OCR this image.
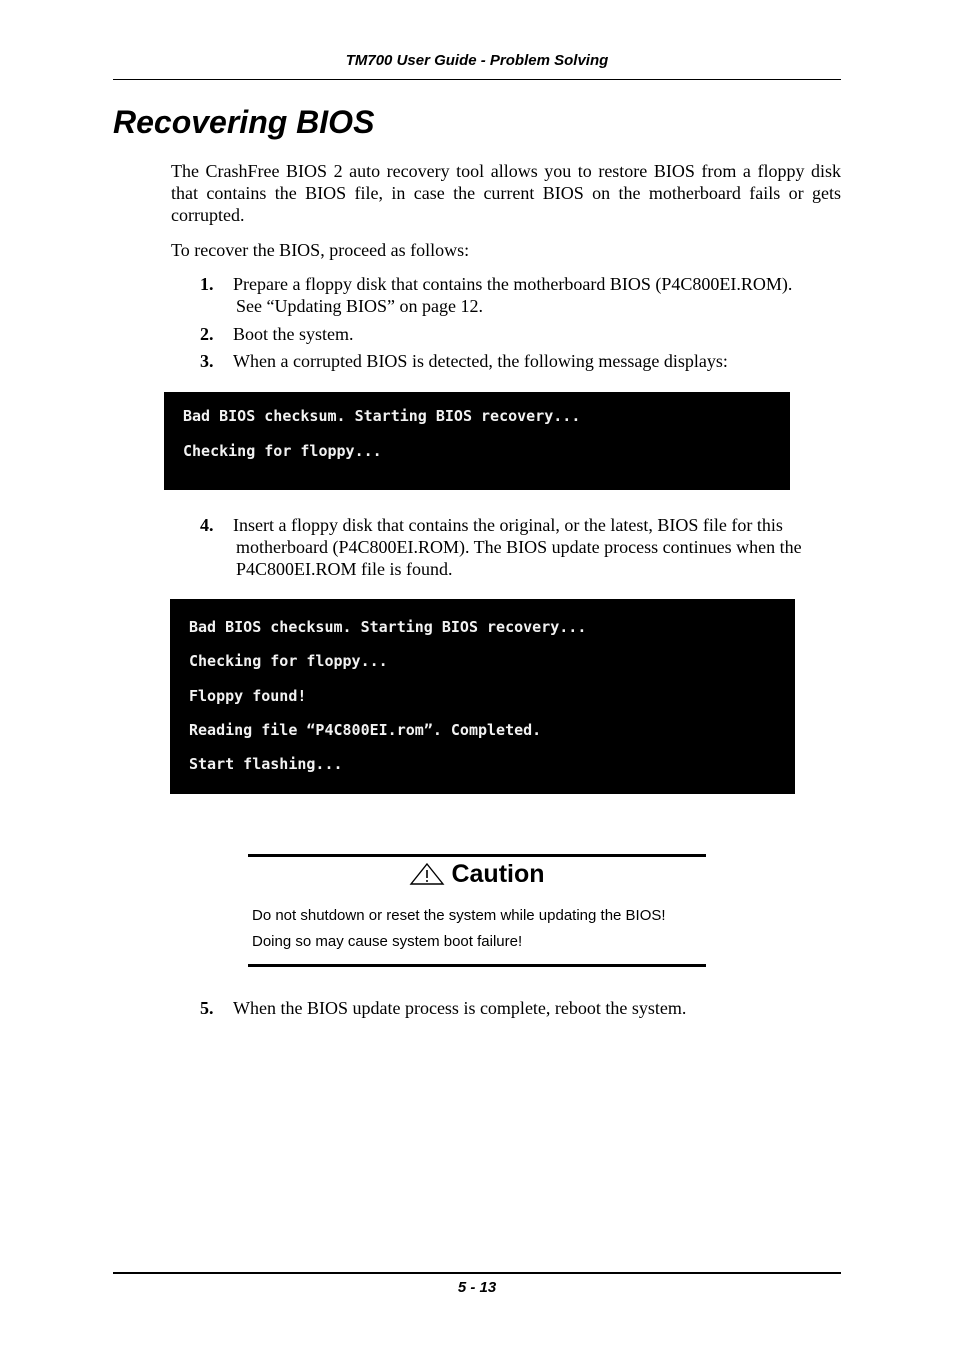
TM700 User Guide - Problem Solving
Recovering BIOS

The CrashFree BIOS 2 auto recovery tool allows you to restore BIOS from a floppy disk that contains the BIOS file, in case the current BIOS on the motherboard fails or gets corrupted.

To recover the BIOS, proceed as follows:

1. Prepare a floppy disk that contains the motherboard BIOS (P4C800EI.ROM).
See “Updating BIOS” on page 12.
2. Boot the system.
3. When a corrupted BIOS is detected, the following message displays:
Bad BIOS checksum. Starting BIOS recovery...
Checking for floppy...
4. Insert a floppy disk that contains the original, or the latest, BIOS file for this
motherboard (P4C800EI.ROM). The BIOS update process continues when the
P4C800EI.ROM file is found.
Bad BIOS checksum. Starting BIOS recovery...
Checking for floppy...
Floppy found!
Reading file “P4C800EI.rom”. Completed.
Start flashing...
Caution
Do not shutdown or reset the system while updating the BIOS!
Doing so may cause system boot failure!
5. When the BIOS update process is complete, reboot the system.
5 - 13
